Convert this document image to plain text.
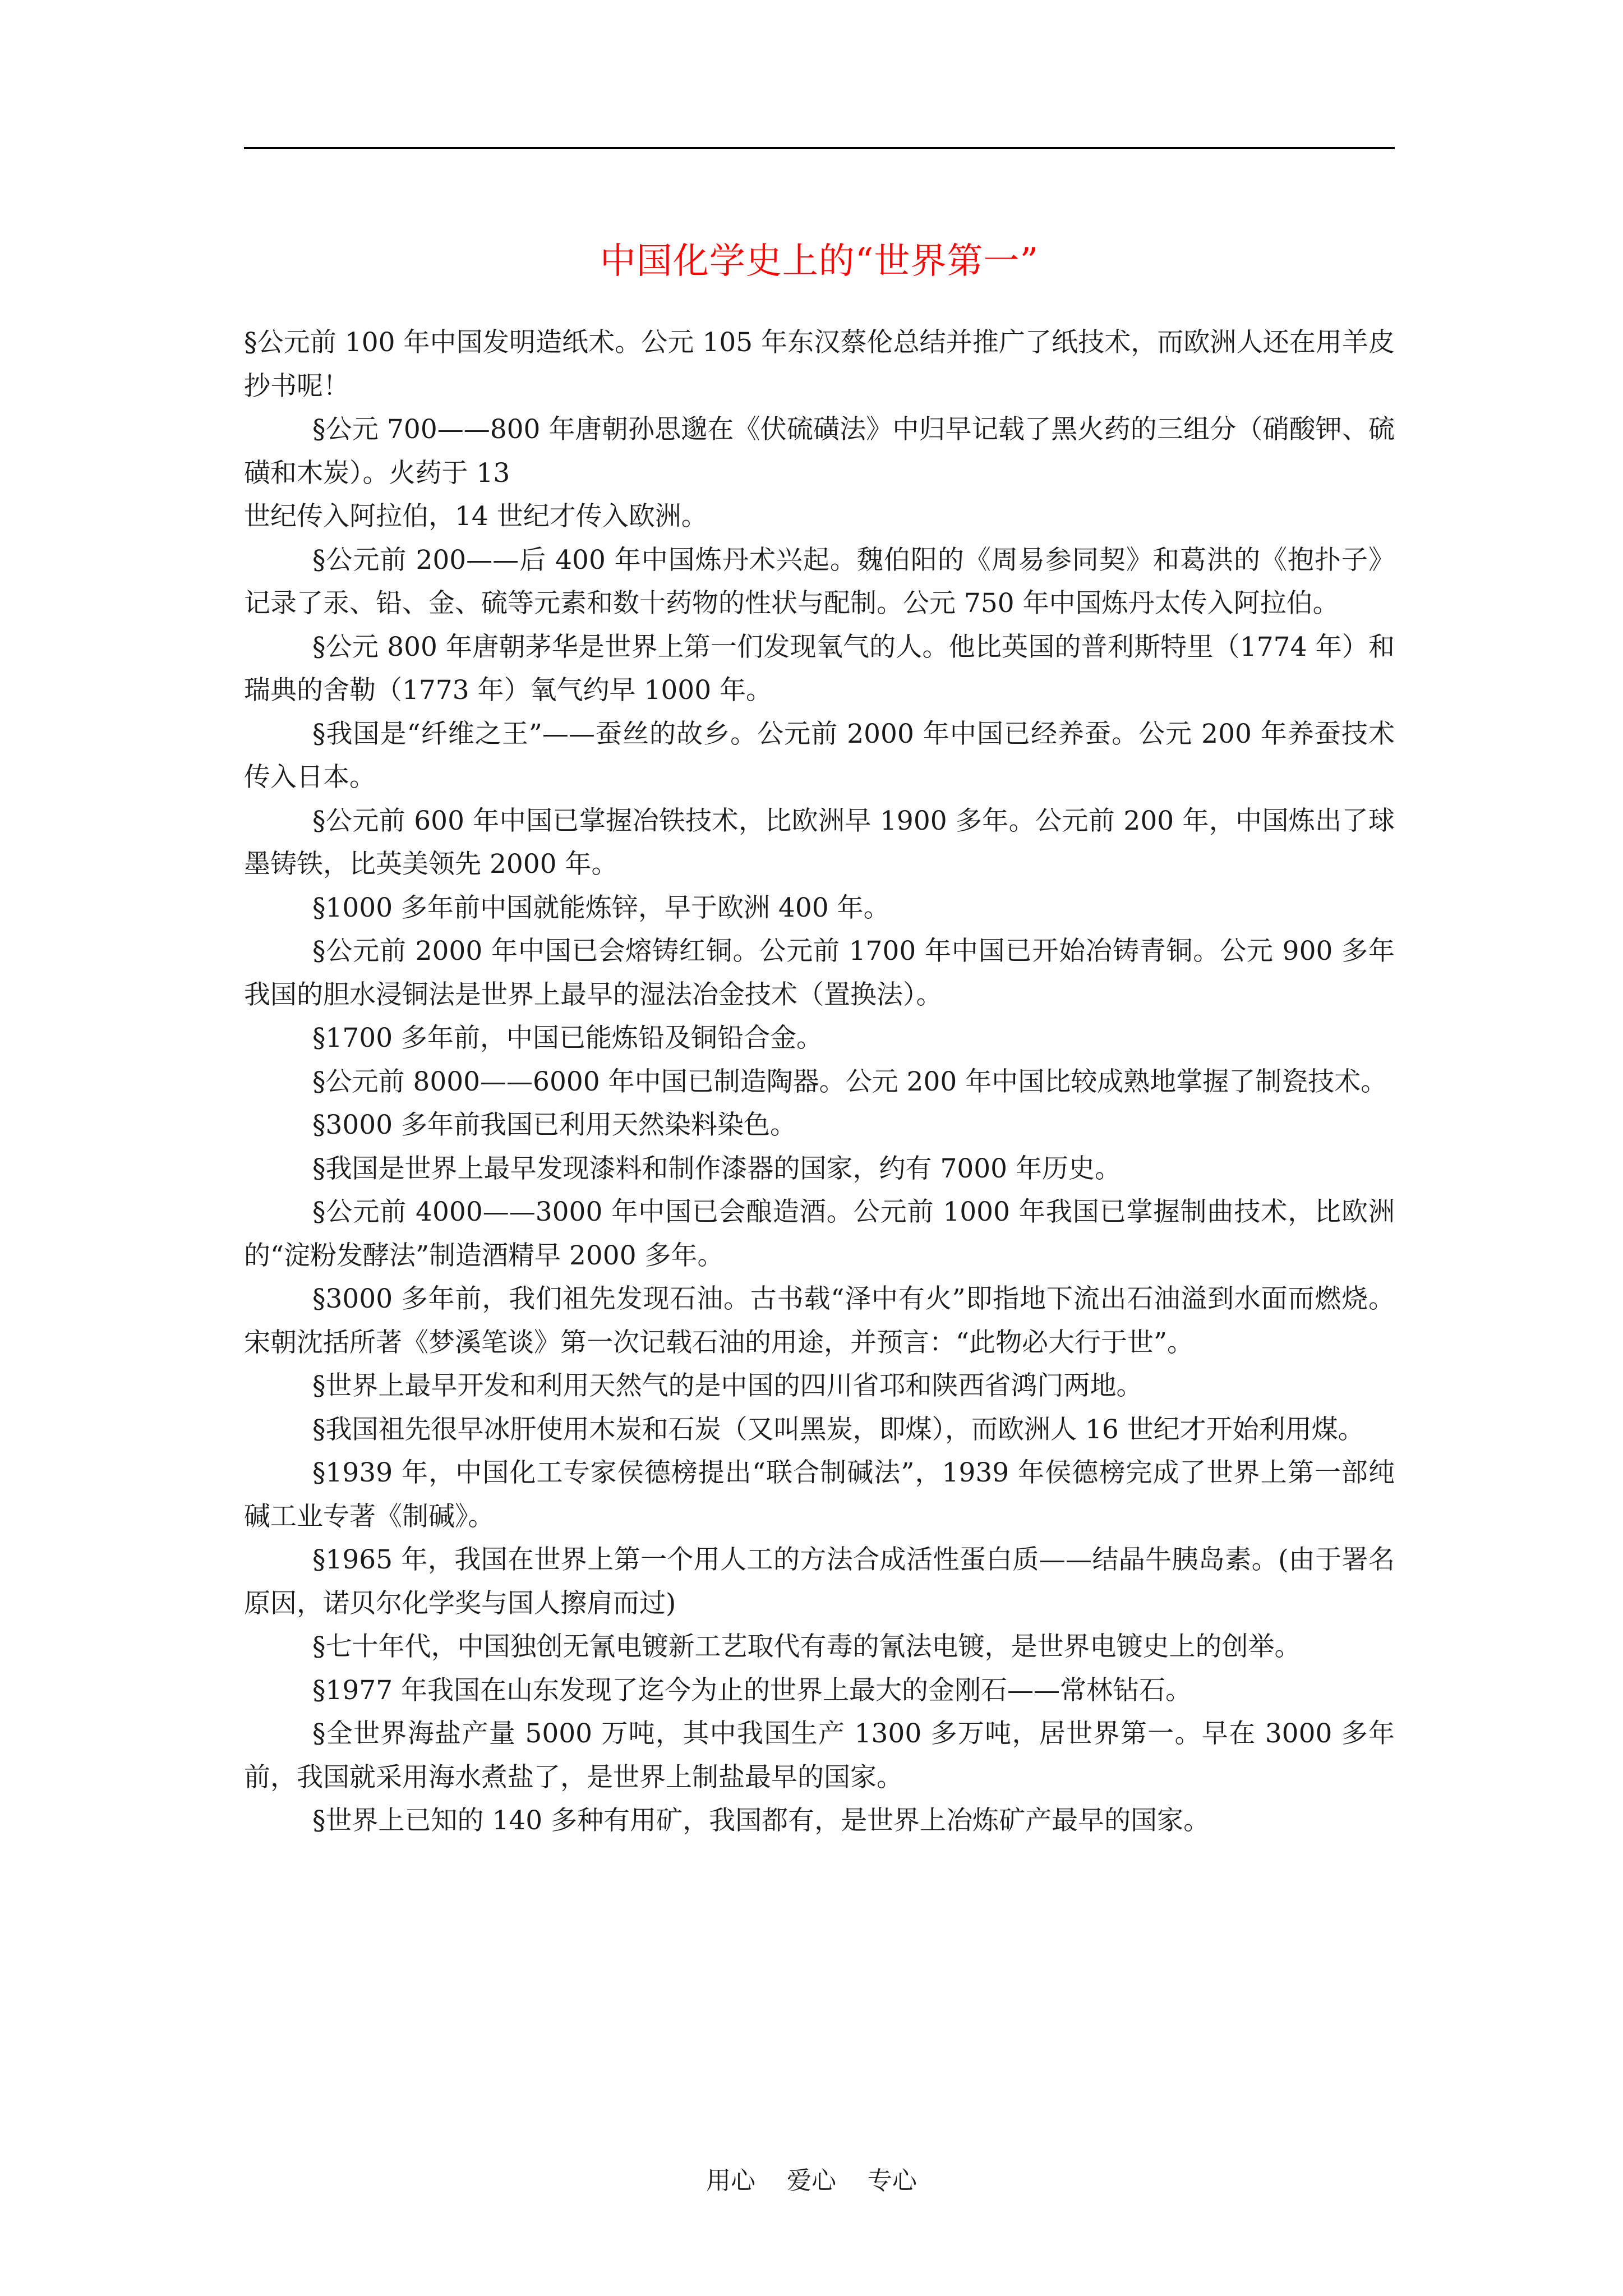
中国化学史上的“世界第一”

§公元前 100 年中国发明造纸术。公元 105 年东汉蔡伦总结并推广了纸技术，而欧洲人还在用羊皮抄书呢！

§公元 700——800 年唐朝孙思邈在《伏硫磺法》中归早记载了黑火药的三组分（硝酸钾、硫磺和木炭）。火药于 13

世纪传入阿拉伯，14 世纪才传入欧洲。

§公元前 200——后 400 年中国炼丹术兴起。魏伯阳的《周易参同契》和葛洪的《抱扑子》记录了汞、铅、金、硫等元素和数十药物的性状与配制。公元 750 年中国炼丹太传入阿拉伯。

§公元 800 年唐朝茅华是世界上第一们发现氧气的人。他比英国的普利斯特里（1774 年）和瑞典的舍勒（1773 年）氧气约早 1000 年。

§我国是“纤维之王”——蚕丝的故乡。公元前 2000 年中国已经养蚕。公元 200 年养蚕技术传入日本。

§公元前 600 年中国已掌握冶铁技术，比欧洲早 1900 多年。公元前 200 年，中国炼出了球墨铸铁，比英美领先 2000 年。

§1000 多年前中国就能炼锌，早于欧洲 400 年。

§公元前 2000 年中国已会熔铸红铜。公元前 1700 年中国已开始冶铸青铜。公元 900 多年我国的胆水浸铜法是世界上最早的湿法冶金技术（置换法）。

§1700 多年前，中国已能炼铅及铜铅合金。

§公元前 8000——6000 年中国已制造陶器。公元 200 年中国比较成熟地掌握了制瓷技术。

§3000 多年前我国已利用天然染料染色。

§我国是世界上最早发现漆料和制作漆器的国家，约有 7000 年历史。

§公元前 4000——3000 年中国已会酿造酒。公元前 1000 年我国已掌握制曲技术，比欧洲的“淀粉发酵法”制造酒精早 2000 多年。

§3000 多年前，我们祖先发现石油。古书载“泽中有火”即指地下流出石油溢到水面而燃烧。宋朝沈括所著《梦溪笔谈》第一次记载石油的用途，并预言：“此物必大行于世”。

§世界上最早开发和利用天然气的是中国的四川省邛和陕西省鸿门两地。

§我国祖先很早冰肝使用木炭和石炭（又叫黑炭，即煤），而欧洲人 16 世纪才开始利用煤。

§1939 年，中国化工专家侯德榜提出“联合制碱法”，1939 年侯德榜完成了世界上第一部纯碱工业专著《制碱》。

§1965 年，我国在世界上第一个用人工的方法合成活性蛋白质——结晶牛胰岛素。(由于署名原因，诺贝尔化学奖与国人擦肩而过)

§七十年代，中国独创无氰电镀新工艺取代有毒的氰法电镀，是世界电镀史上的创举。

§1977 年我国在山东发现了迄今为止的世界上最大的金刚石——常林钻石。

§全世界海盐产量 5000 万吨，其中我国生产 1300 多万吨，居世界第一。早在 3000 多年前，我国就采用海水煮盐了，是世界上制盐最早的国家。

§世界上已知的 140 多种有用矿，我国都有，是世界上冶炼矿产最早的国家。

用心    爱心    专心
